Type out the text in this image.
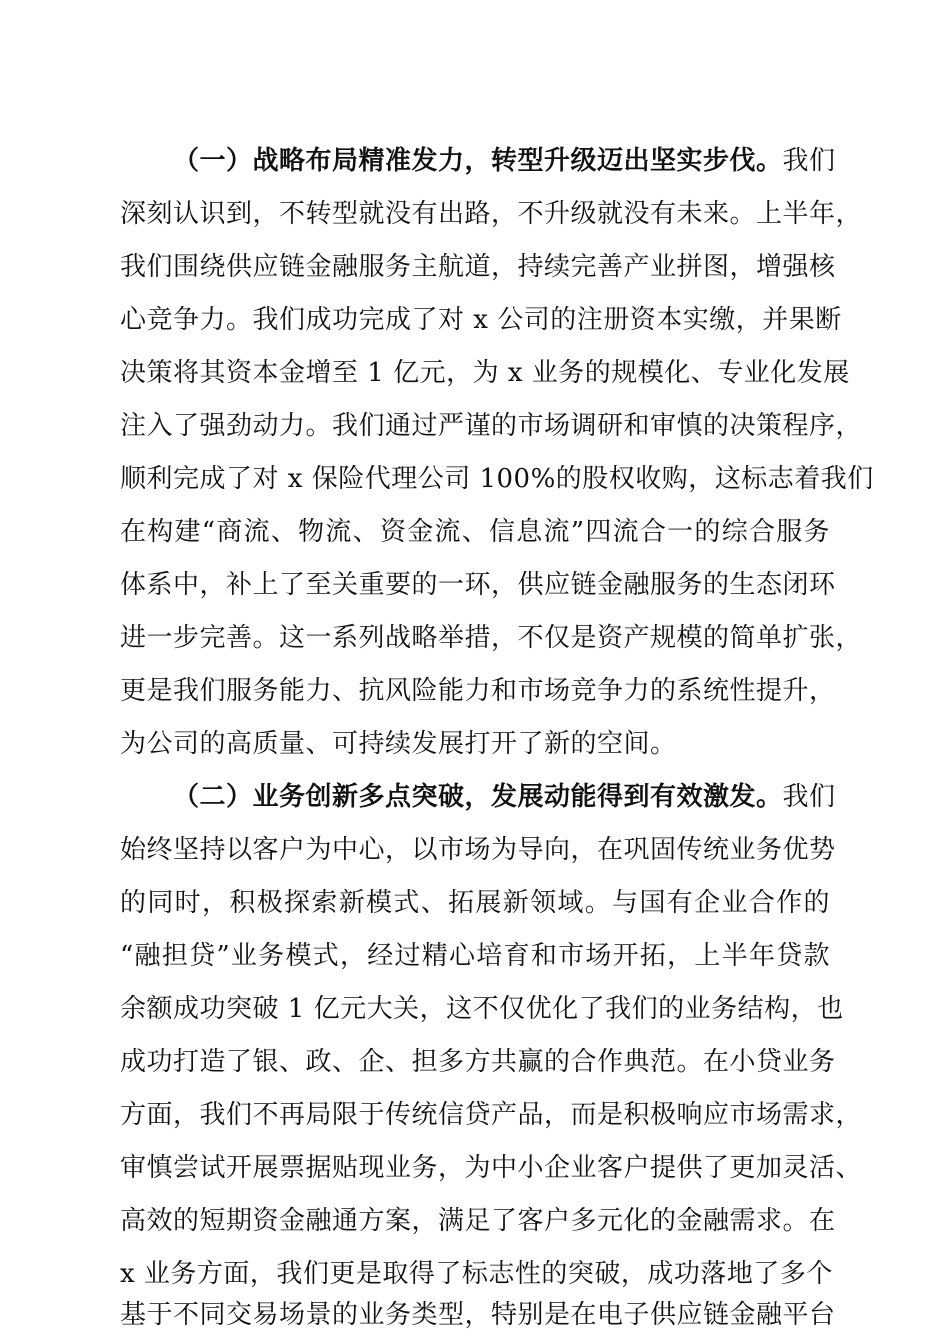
（一）战略布局精准发力，转型升级迈出坚实步伐。我们
深刻认识到，不转型就没有出路，不升级就没有未来。上半年，
我们围绕供应链金融服务主航道，持续完善产业拼图，增强核
心竞争力。我们成功完成了对 x 公司的注册资本实缴，并果断
决策将其资本金增至 1 亿元，为 x 业务的规模化、专业化发展
注入了强劲动力。我们通过严谨的市场调研和审慎的决策程序，
顺利完成了对 x 保险代理公司 100%的股权收购，这标志着我们
在构建“商流、物流、资金流、信息流”四流合一的综合服务
体系中，补上了至关重要的一环，供应链金融服务的生态闭环
进一步完善。这一系列战略举措，不仅是资产规模的简单扩张，
更是我们服务能力、抗风险能力和市场竞争力的系统性提升，
为公司的高质量、可持续发展打开了新的空间。
（二）业务创新多点突破，发展动能得到有效激发。我们
始终坚持以客户为中心，以市场为导向，在巩固传统业务优势
的同时，积极探索新模式、拓展新领域。与国有企业合作的
“融担贷”业务模式，经过精心培育和市场开拓，上半年贷款
余额成功突破 1 亿元大关，这不仅优化了我们的业务结构，也
成功打造了银、政、企、担多方共赢的合作典范。在小贷业务
方面，我们不再局限于传统信贷产品，而是积极响应市场需求，
审慎尝试开展票据贴现业务，为中小企业客户提供了更加灵活、
高效的短期资金融通方案，满足了客户多元化的金融需求。在
x 业务方面，我们更是取得了标志性的突破，成功落地了多个
基于不同交易场景的业务类型，特别是在电子供应链金融平台
